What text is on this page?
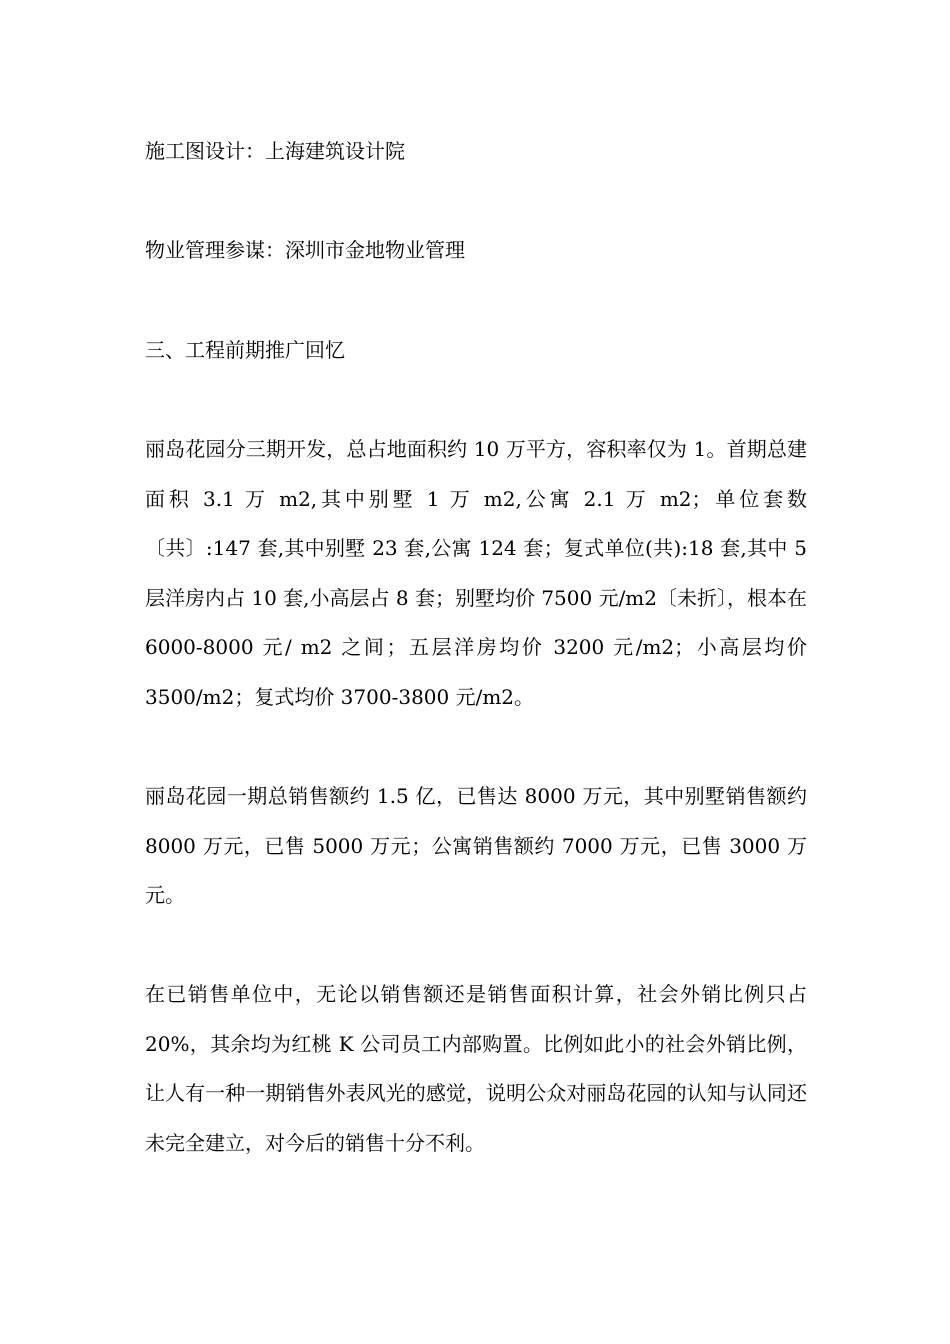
施工图设计：上海建筑设计院

物业管理参谋：深圳市金地物业管理

三、工程前期推广回忆

丽岛花园分三期开发，总占地面积约 10 万平方，容积率仅为 1。首期总建面积 3.1 万 m2,其中别墅 1 万 m2,公寓 2.1 万 m2；单位套数〔共〕:147 套,其中别墅 23 套,公寓 124 套；复式单位(共):18 套,其中 5 层洋房内占 10 套,小高层占 8 套；别墅均价 7500 元/m2〔未折〕，根本在 6000-8000 元/ m2 之间；五层洋房均价 3200 元/m2；小高层均价 3500/m2；复式均价 3700-3800 元/m2。

丽岛花园一期总销售额约 1.5 亿，已售达 8000 万元，其中别墅销售额约 8000 万元，已售 5000 万元；公寓销售额约 7000 万元，已售 3000 万元。

在已销售单位中，无论以销售额还是销售面积计算，社会外销比例只占 20%，其余均为红桃 K 公司员工内部购置。比例如此小的社会外销比例，让人有一种一期销售外表风光的感觉，说明公众对丽岛花园的认知与认同还未完全建立，对今后的销售十分不利。
